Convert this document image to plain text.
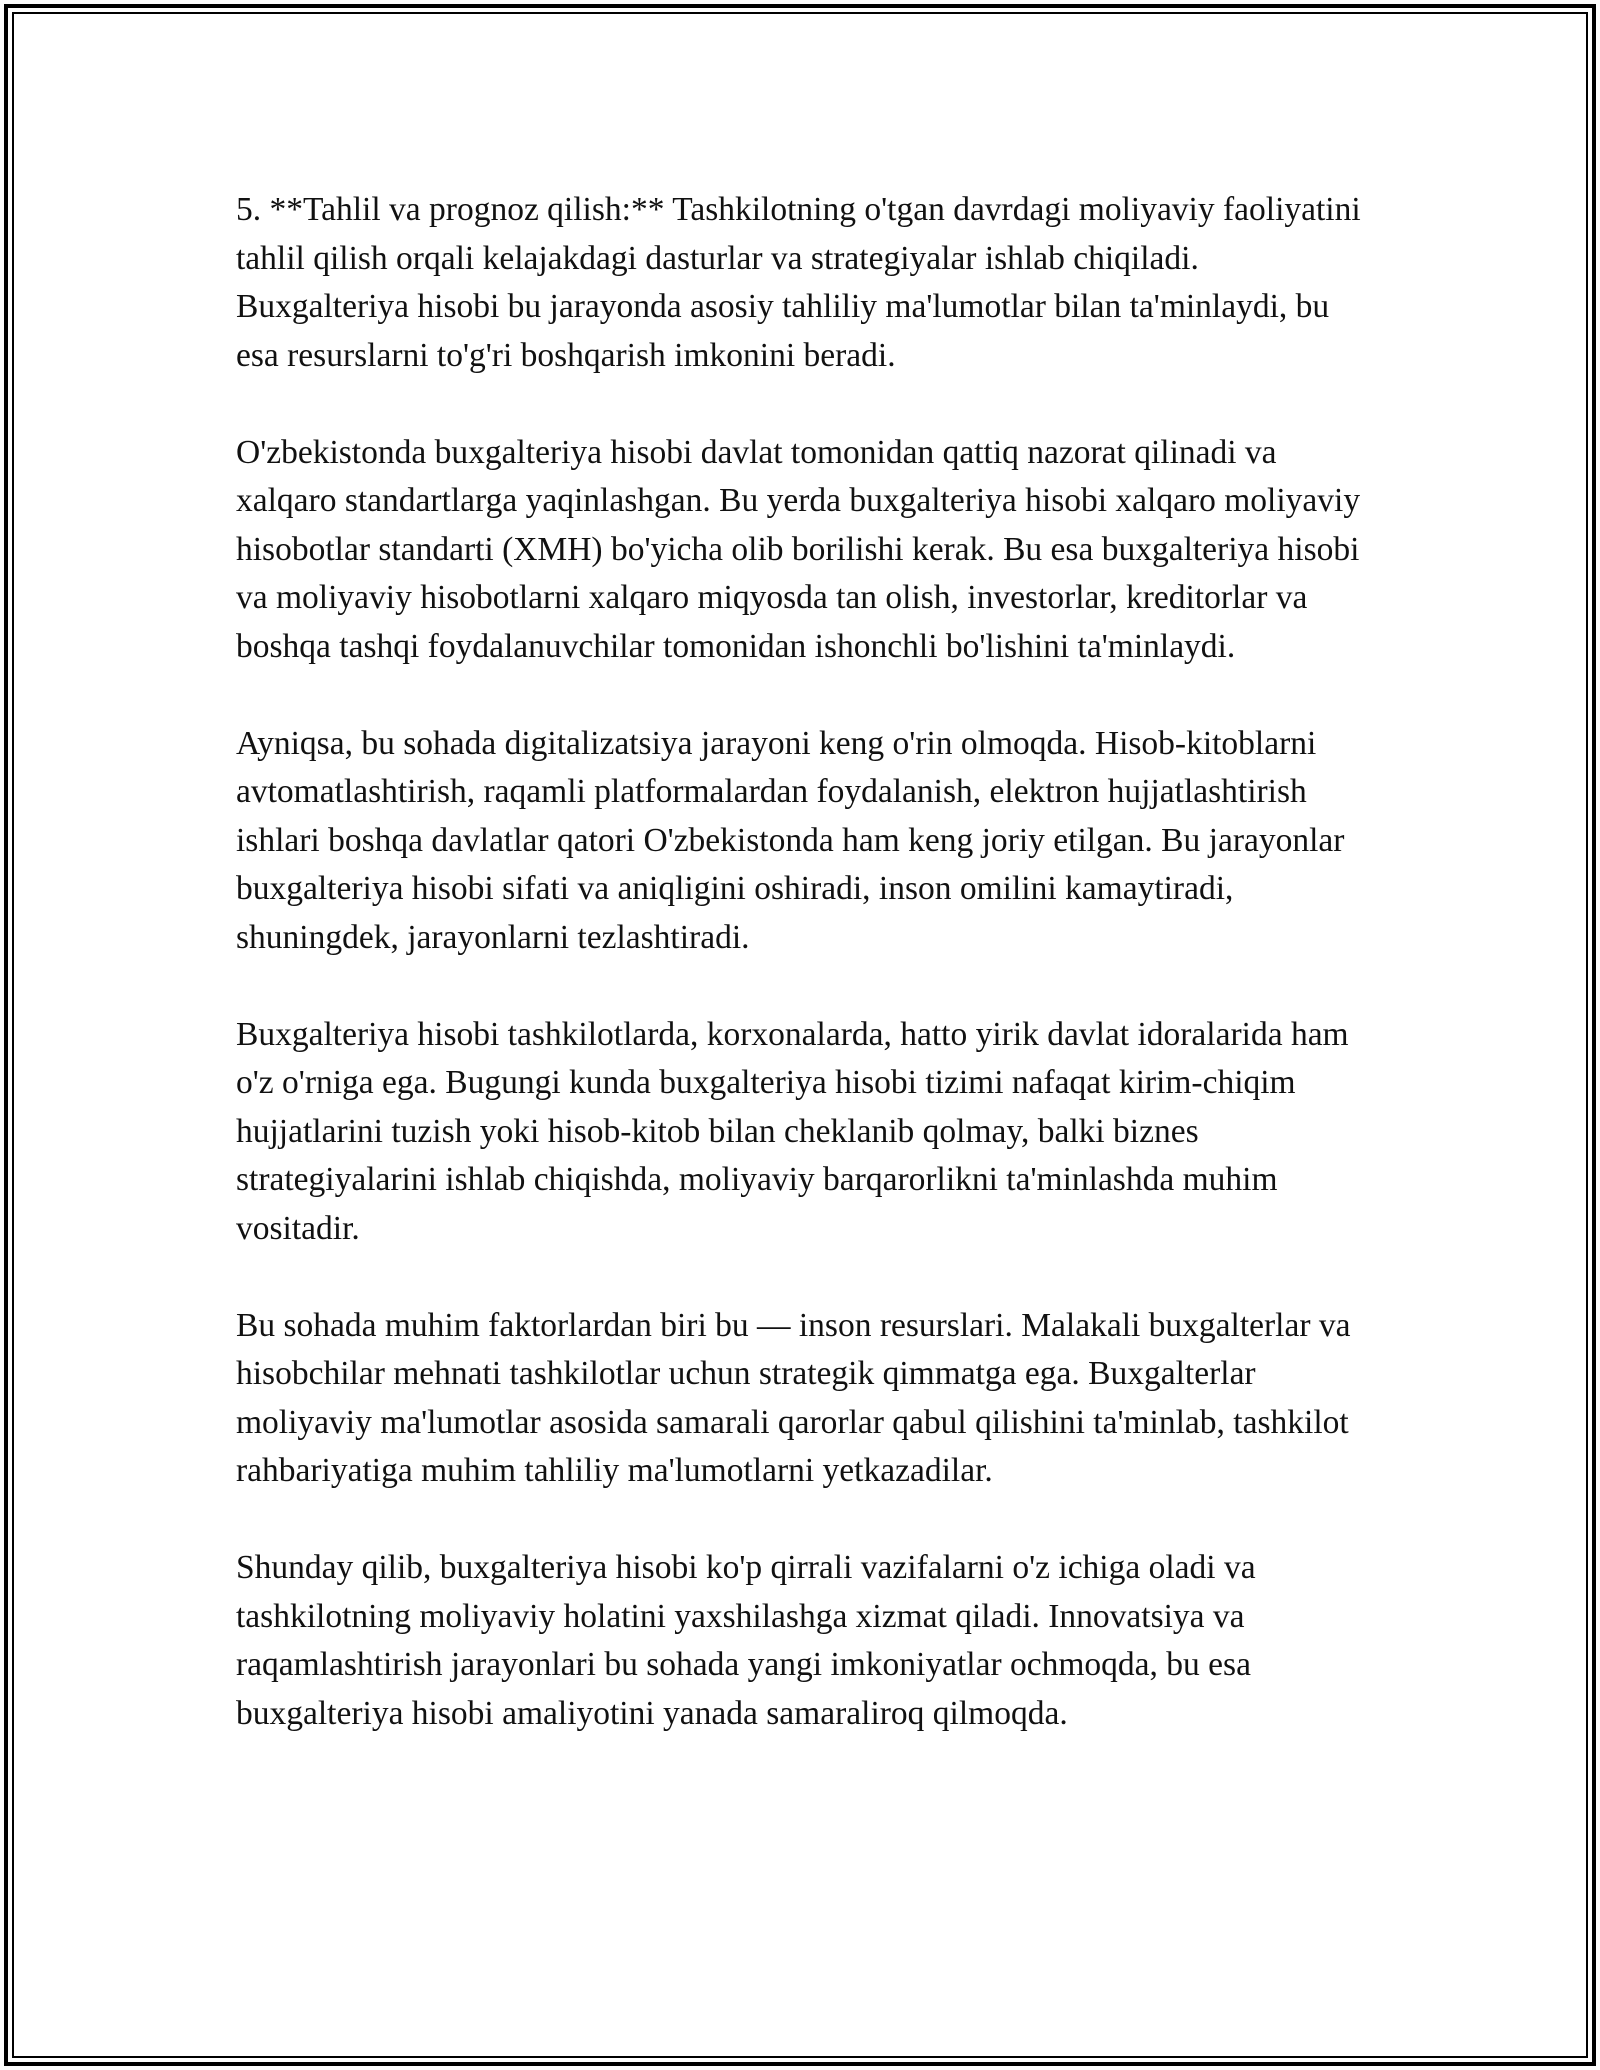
5. **Tahlil va prognoz qilish:** Tashkilotning o'tgan davrdagi moliyaviy faoliyatini tahlil qilish orqali kelajakdagi dasturlar va strategiyalar ishlab chiqiladi. Buxgalteriya hisobi bu jarayonda asosiy tahliliy ma'lumotlar bilan ta'minlaydi, bu esa resurslarni to'g'ri boshqarish imkonini beradi.

O'zbekistonda buxgalteriya hisobi davlat tomonidan qattiq nazorat qilinadi va xalqaro standartlarga yaqinlashgan. Bu yerda buxgalteriya hisobi xalqaro moliyaviy hisobotlar standarti (XMH) bo'yicha olib borilishi kerak. Bu esa buxgalteriya hisobi va moliyaviy hisobotlarni xalqaro miqyosda tan olish, investorlar, kreditorlar va boshqa tashqi foydalanuvchilar tomonidan ishonchli bo'lishini ta'minlaydi.

Ayniqsa, bu sohada digitalizatsiya jarayoni keng o'rin olmoqda. Hisob-kitoblarni avtomatlashtirish, raqamli platformalardan foydalanish, elektron hujjatlashtirish ishlari boshqa davlatlar qatori O'zbekistonda ham keng joriy etilgan. Bu jarayonlar buxgalteriya hisobi sifati va aniqligini oshiradi, inson omilini kamaytiradi, shuningdek, jarayonlarni tezlashtiradi.

Buxgalteriya hisobi tashkilotlarda, korxonalarda, hatto yirik davlat idoralarida ham o'z o'rniga ega. Bugungi kunda buxgalteriya hisobi tizimi nafaqat kirim-chiqim hujjatlarini tuzish yoki hisob-kitob bilan cheklanib qolmay, balki biznes strategiyalarini ishlab chiqishda, moliyaviy barqarorlikni ta'minlashda muhim vositadir.

Bu sohada muhim faktorlardan biri bu — inson resurslari. Malakali buxgalterlar va hisobchilar mehnati tashkilotlar uchun strategik qimmatga ega. Buxgalterlar moliyaviy ma'lumotlar asosida samarali qarorlar qabul qilishini ta'minlab, tashkilot rahbariyatiga muhim tahliliy ma'lumotlarni yetkazadilar.

Shunday qilib, buxgalteriya hisobi ko'p qirrali vazifalarni o'z ichiga oladi va tashkilotning moliyaviy holatini yaxshilashga xizmat qiladi. Innovatsiya va raqamlashtirish jarayonlari bu sohada yangi imkoniyatlar ochmoqda, bu esa buxgalteriya hisobi amaliyotini yanada samaraliroq qilmoqda.
